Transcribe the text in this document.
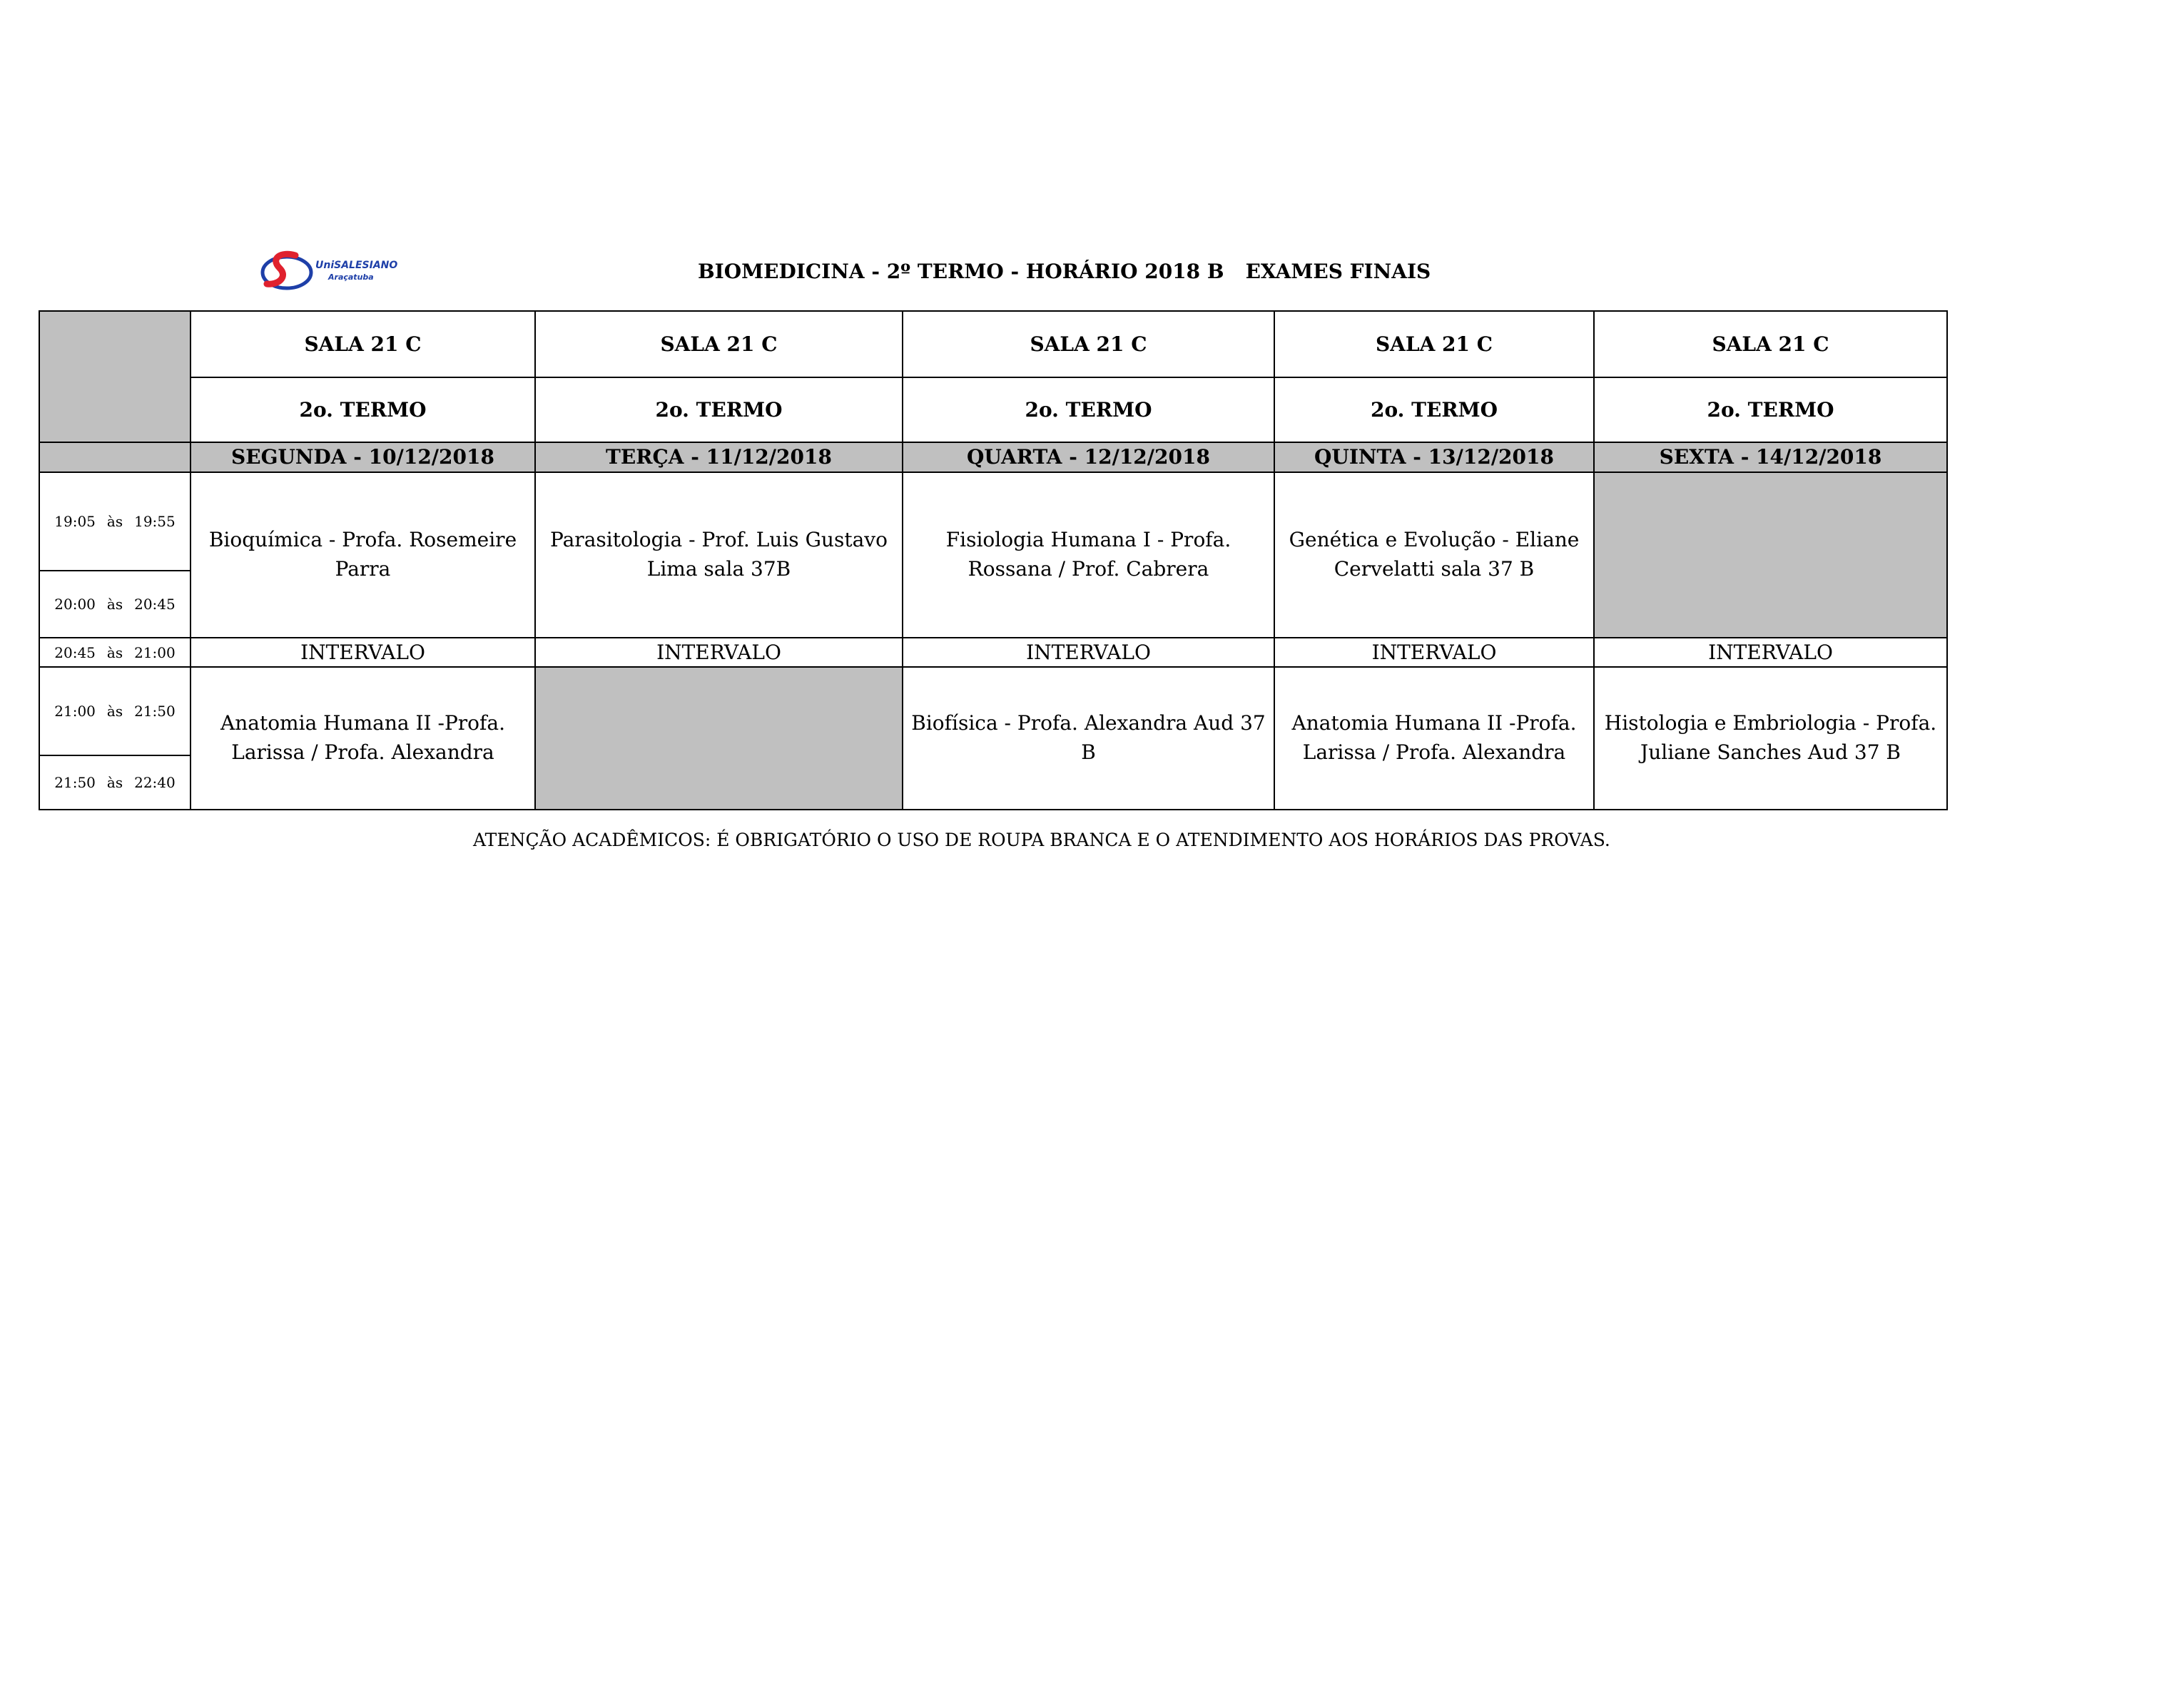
UniSALESIANO
Araçatuba	BIOMEDICINA - 2º TERMO - HORÁRIO 2018 B EXAMES FINAIS
	SALA 21 C	SALA 21 C	SALA 21 C	SALA 21 C	SALA 21 C
	2o. TERMO	2o. TERMO	2o. TERMO	2o. TERMO	2o. TERMO
	SEGUNDA - 10/12/2018	TERÇA - 11/12/2018	QUARTA - 12/12/2018	QUINTA - 13/12/2018	SEXTA - 14/12/2018
19:05 às 19:55	Bioquímica - Profa. Rosemeire Parra	Parasitologia - Prof. Luis Gustavo Lima sala 37B	Fisiologia Humana I - Profa. Rossana / Prof. Cabrera	Genética e Evolução - Eliane Cervelatti sala 37 B	
20:00 às 20:45					
20:45 às 21:00	INTERVALO	INTERVALO	INTERVALO	INTERVALO	INTERVALO
21:00 às 21:50	Anatomia Humana II -Profa. Larissa / Profa. Alexandra		Biofísica - Profa. Alexandra Aud 37 B	Anatomia Humana II -Profa. Larissa / Profa. Alexandra	Histologia e Embriologia - Profa. Juliane Sanches Aud 37 B
21:50 às 22:40					
ATENÇÃO ACADÊMICOS: É OBRIGATÓRIO O USO DE ROUPA BRANCA E O ATENDIMENTO AOS HORÁRIOS DAS PROVAS.
